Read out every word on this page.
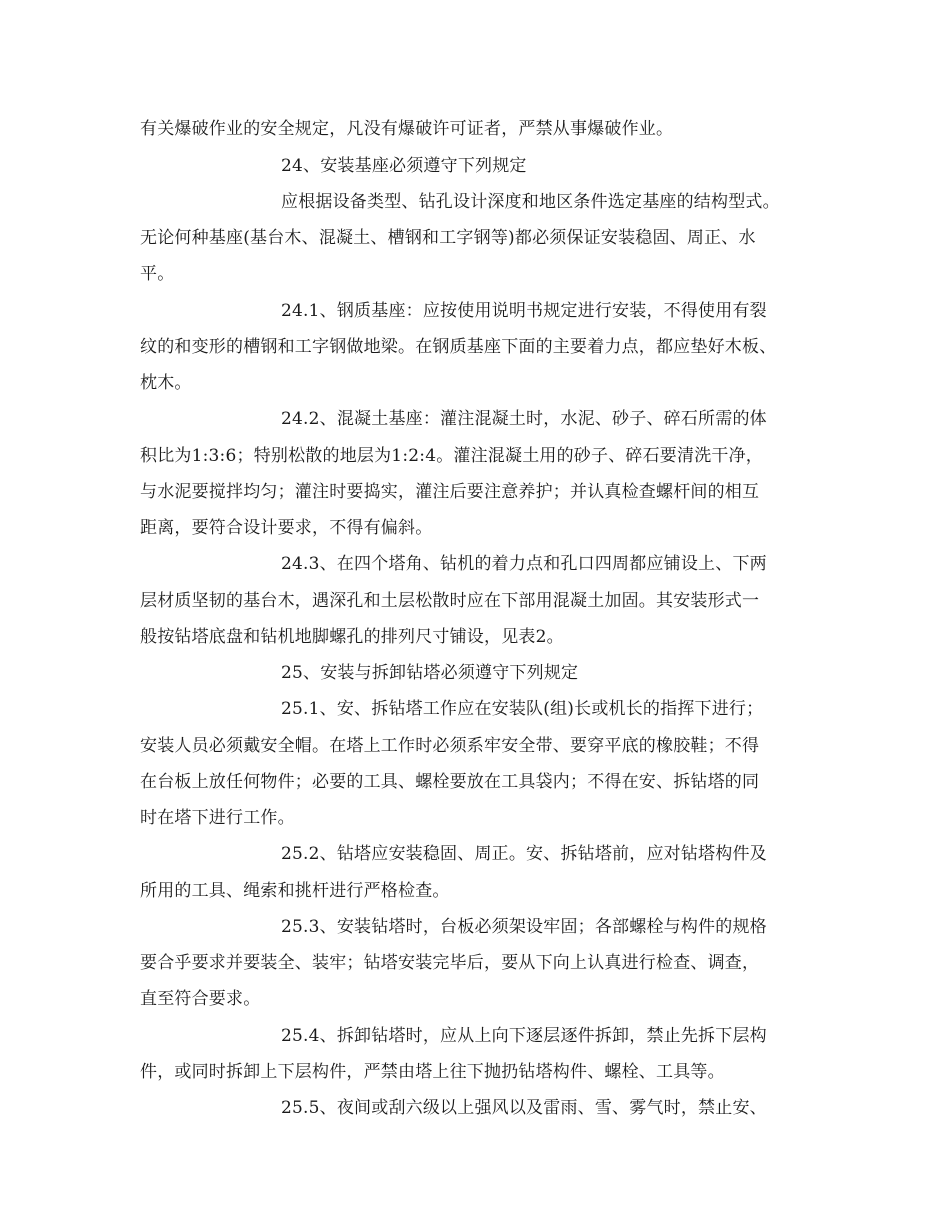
有关爆破作业的安全规定，凡没有爆破许可证者，严禁从事爆破作业。
24、安装基座必须遵守下列规定
应根据设备类型、钻孔设计深度和地区条件选定基座的结构型式。
无论何种基座(基台木、混凝土、槽钢和工字钢等)都必须保证安装稳固、周正、水
平。
24.1、钢质基座：应按使用说明书规定进行安装，不得使用有裂
纹的和变形的槽钢和工字钢做地梁。在钢质基座下面的主要着力点，都应垫好木板、
枕木。
24.2、混凝土基座：灌注混凝土时，水泥、砂子、碎石所需的体
积比为1:3:6；特别松散的地层为1:2:4。灌注混凝土用的砂子、碎石要清洗干净，
与水泥要搅拌均匀；灌注时要捣实，灌注后要注意养护；并认真检查螺杆间的相互
距离，要符合设计要求，不得有偏斜。
24.3、在四个塔角、钻机的着力点和孔口四周都应铺设上、下两
层材质坚韧的基台木，遇深孔和土层松散时应在下部用混凝土加固。其安装形式一
般按钻塔底盘和钻机地脚螺孔的排列尺寸铺设，见表2。
25、安装与拆卸钻塔必须遵守下列规定
25.1、安、拆钻塔工作应在安装队(组)长或机长的指挥下进行；
安装人员必须戴安全帽。在塔上工作时必须系牢安全带、要穿平底的橡胶鞋；不得
在台板上放任何物件；必要的工具、螺栓要放在工具袋内；不得在安、拆钻塔的同
时在塔下进行工作。
25.2、钻塔应安装稳固、周正。安、拆钻塔前，应对钻塔构件及
所用的工具、绳索和挑杆进行严格检查。
25.3、安装钻塔时，台板必须架设牢固；各部螺栓与构件的规格
要合乎要求并要装全、装牢；钻塔安装完毕后，要从下向上认真进行检查、调查，
直至符合要求。
25.4、拆卸钻塔时，应从上向下逐层逐件拆卸，禁止先拆下层构
件，或同时拆卸上下层构件，严禁由塔上往下抛扔钻塔构件、螺栓、工具等。
25.5、夜间或刮六级以上强风以及雷雨、雪、雾气时，禁止安、
